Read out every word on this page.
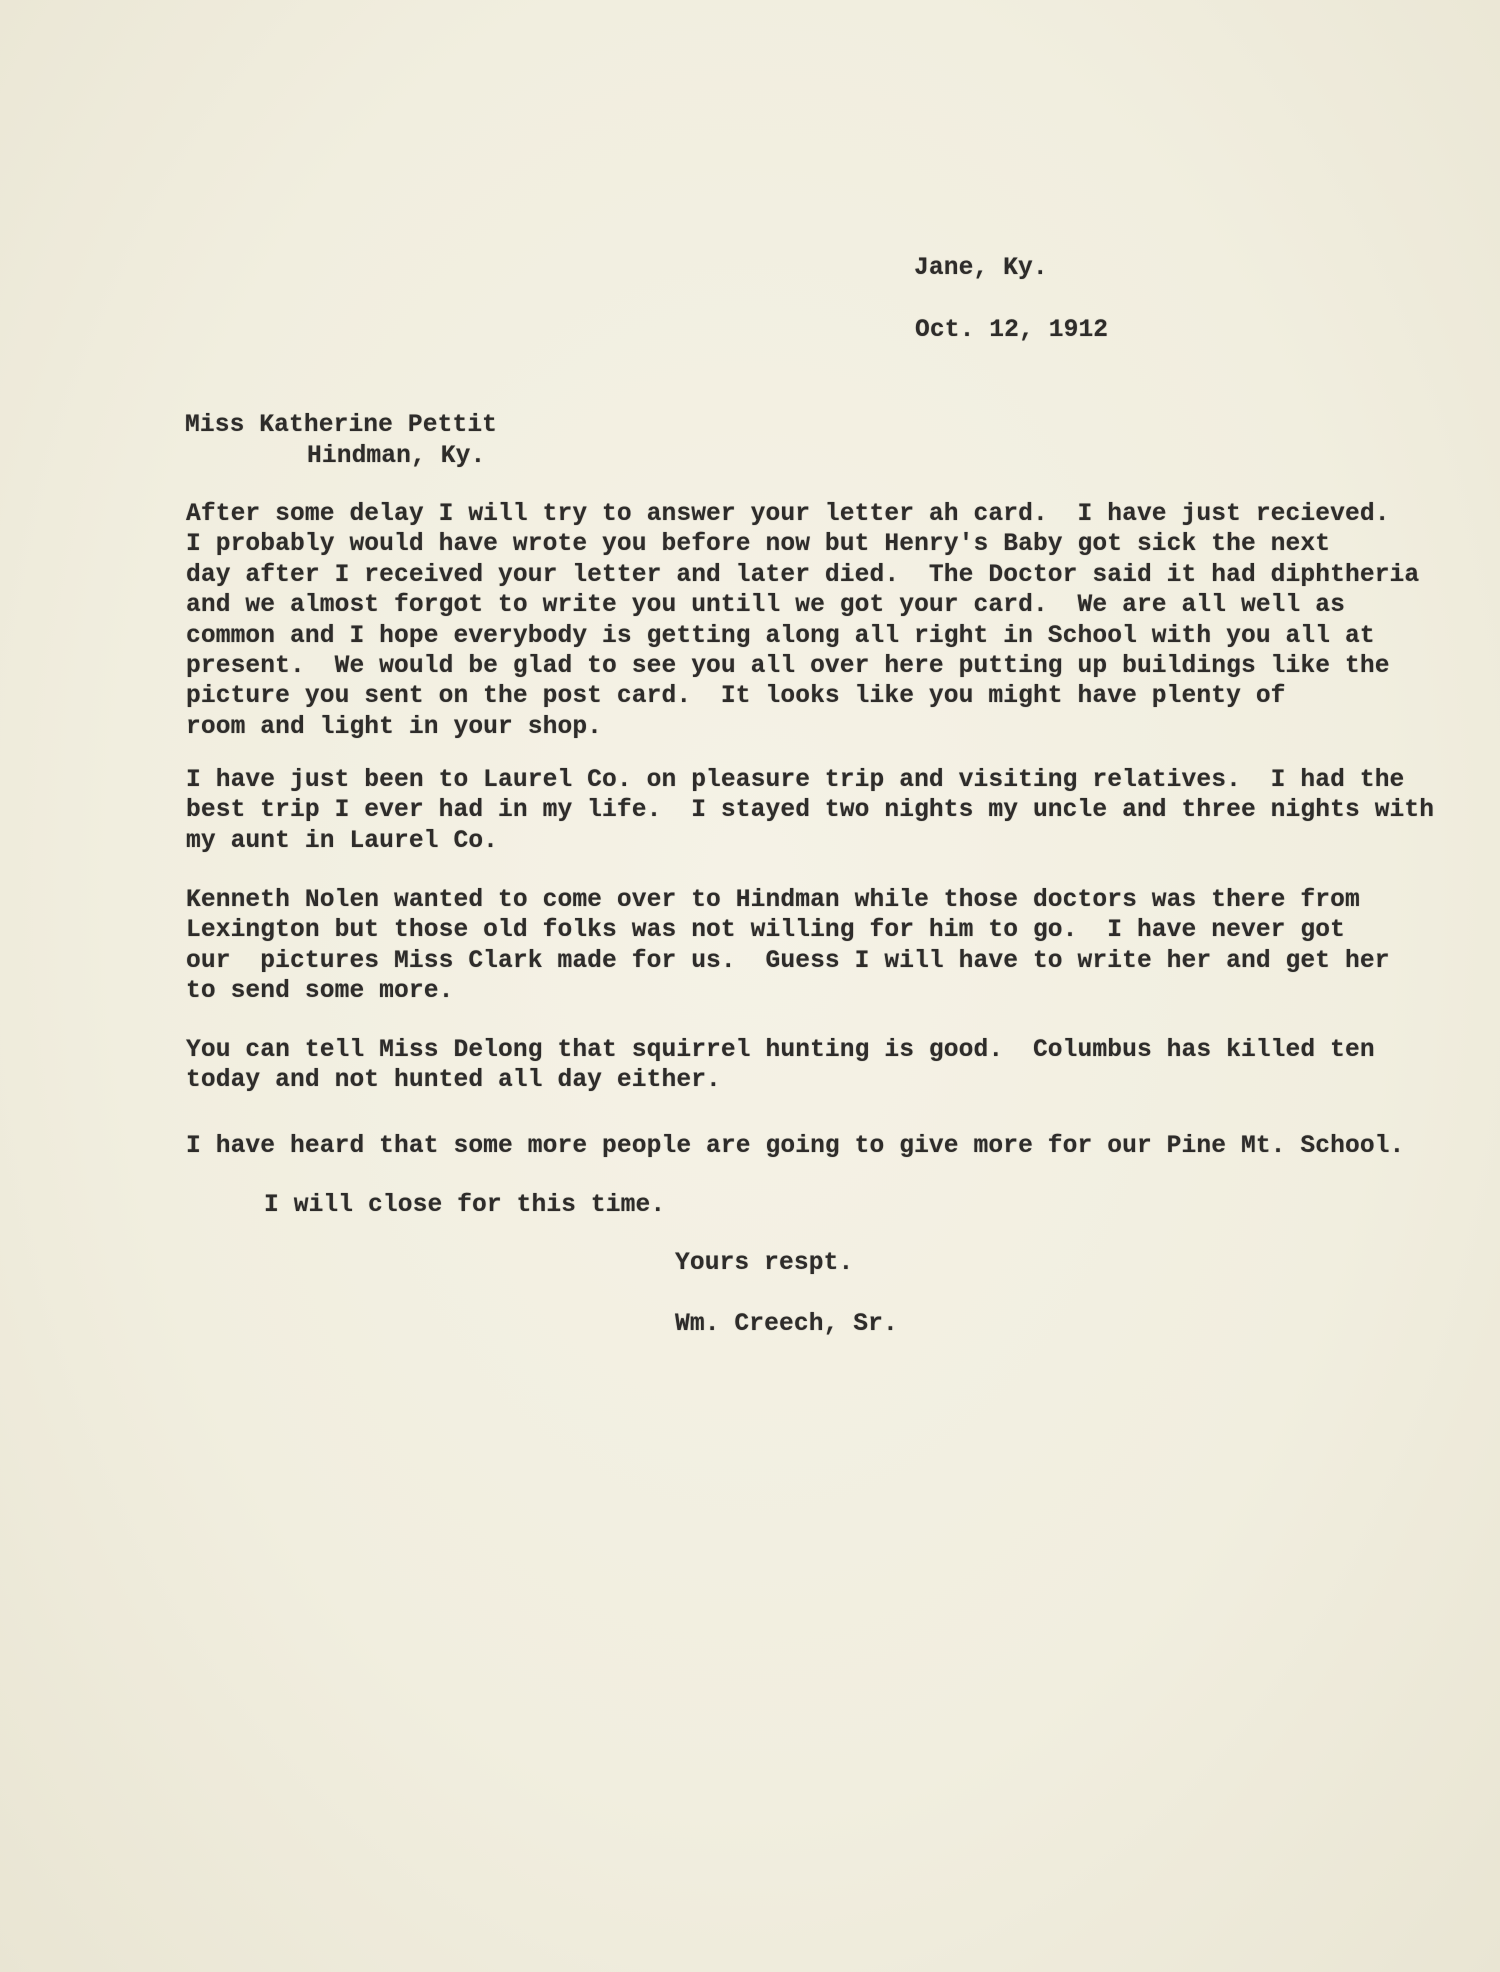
Jane, Ky.
Oct. 12, 1912
Miss Katherine Pettit
Hindman, Ky.
After some delay I will try to answer your letter ah card.  I have just recieved.
I probably would have wrote you before now but Henry's Baby got sick the next
day after I received your letter and later died.  The Doctor said it had diphtheria
and we almost forgot to write you untill we got your card.  We are all well as
common and I hope everybody is getting along all right in School with you all at
present.  We would be glad to see you all over here putting up buildings like the
picture you sent on the post card.  It looks like you might have plenty of
room and light in your shop.
I have just been to Laurel Co. on pleasure trip and visiting relatives.  I had the
best trip I ever had in my life.  I stayed two nights my uncle and three nights with
my aunt in Laurel Co.
Kenneth Nolen wanted to come over to Hindman while those doctors was there from
Lexington but those old folks was not willing for him to go.  I have never got
our  pictures Miss Clark made for us.  Guess I will have to write her and get her
to send some more.
You can tell Miss Delong that squirrel hunting is good.  Columbus has killed ten
today and not hunted all day either.
I have heard that some more people are going to give more for our Pine Mt. School.
I will close for this time.
Yours respt.
Wm. Creech, Sr.
